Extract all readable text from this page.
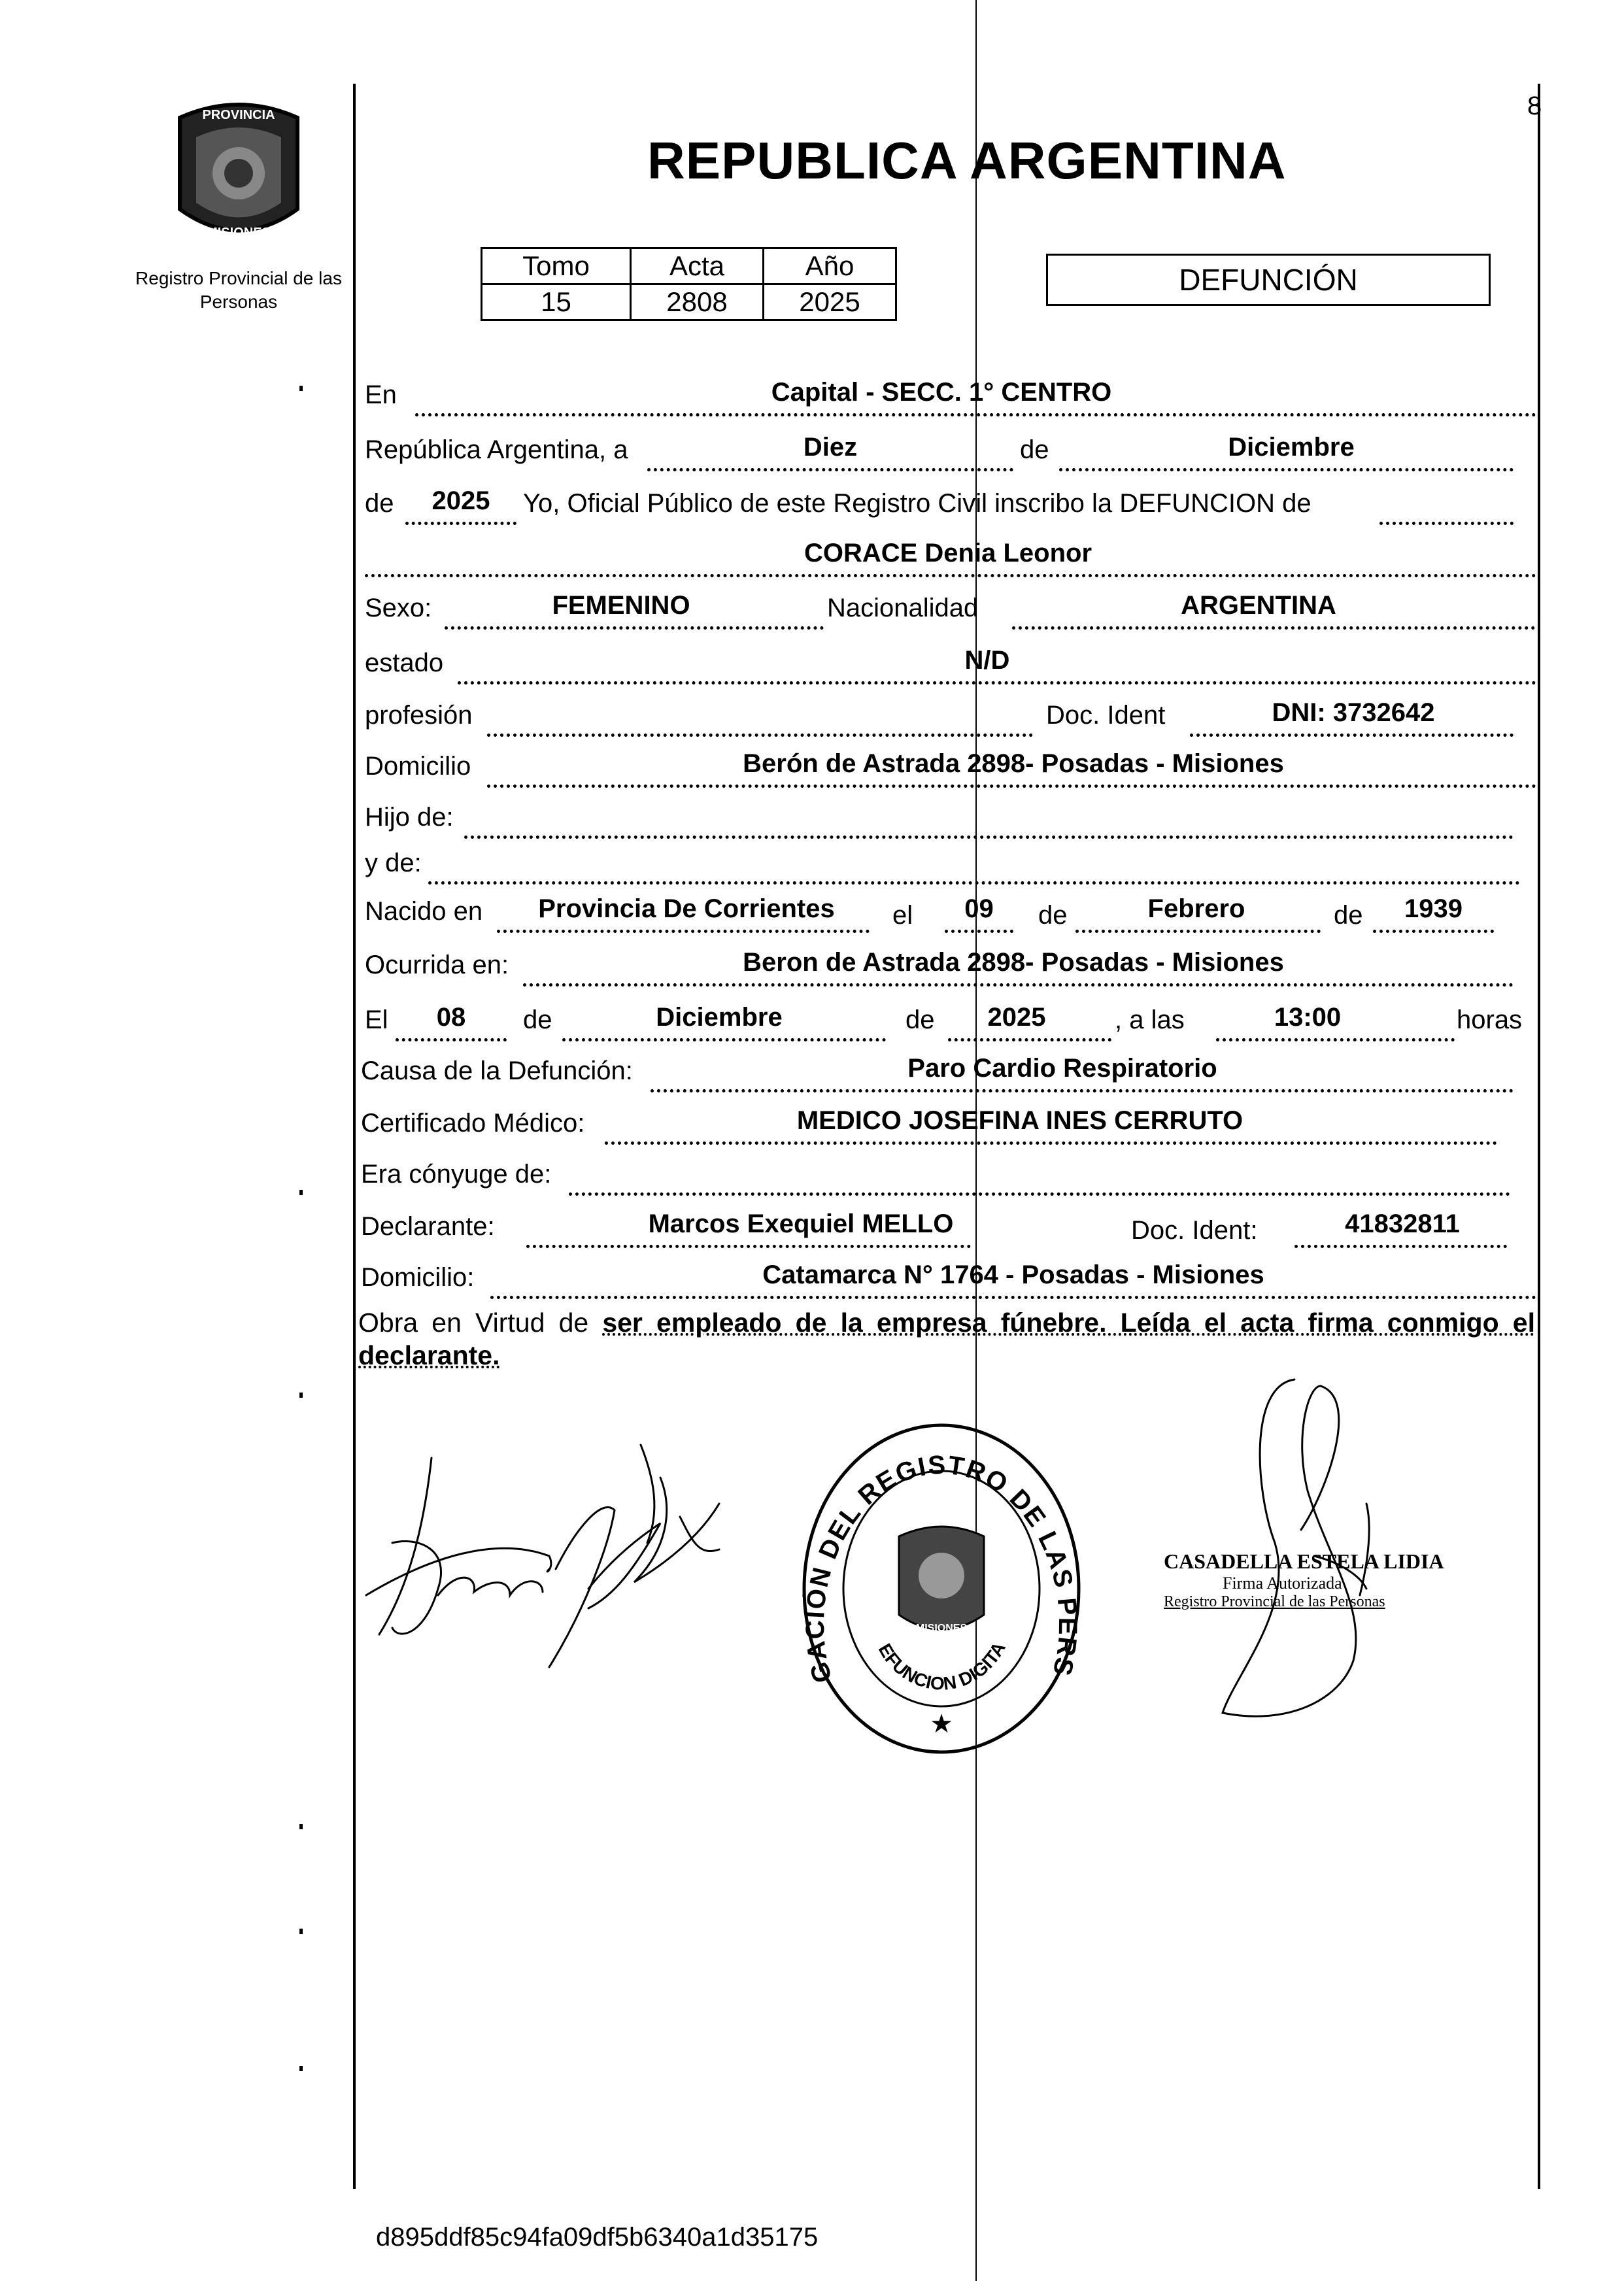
PROVINCIA
MISIONES
Registro Provincial de las Personas
REPUBLICA ARGENTINA
8
Tomo	Acta	Año
15	2808	2025
DEFUNCIÓN
En	Capital - SECC. 1° CENTRO
República Argentina, a	Diez	de	Diciembre
de	2025	Yo, Oficial Público de este Registro Civil inscribo la DEFUNCION de
CORACE Denia Leonor
Sexo:	FEMENINO	Nacionalidad	ARGENTINA
estado	N/D
profesión	Doc. Ident	DNI: 3732642
Domicilio	Berón de Astrada 2898- Posadas - Misiones
Hijo de:
y de:
Nacido en	Provincia De Corrientes	el	09	de	Febrero	de	1939
Ocurrida en:	Beron de Astrada 2898- Posadas - Misiones
El	08	de	Diciembre	de	2025	, a las	13:00	horas
Causa de la Defunción:	Paro Cardio Respiratorio
Certificado Médico:	MEDICO JOSEFINA INES CERRUTO
Era cónyuge de:
Declarante:	Marcos Exequiel MELLO	Doc. Ident:	41832811
Domicilio:	Catamarca N° 1764 - Posadas - Misiones
Obra en Virtud de ser empleado de la empresa fúnebre. Leída el acta firma conmigo el declarante.
GACIÓN DEL REGISTRO DE LAS PERS
EFUNCION DIGITA
MISIONES
★
CASADELLA ESTELA LIDIA
Firma Autorizada
Registro Provincial de las Personas
d895ddf85c94fa09df5b6340a1d35175
